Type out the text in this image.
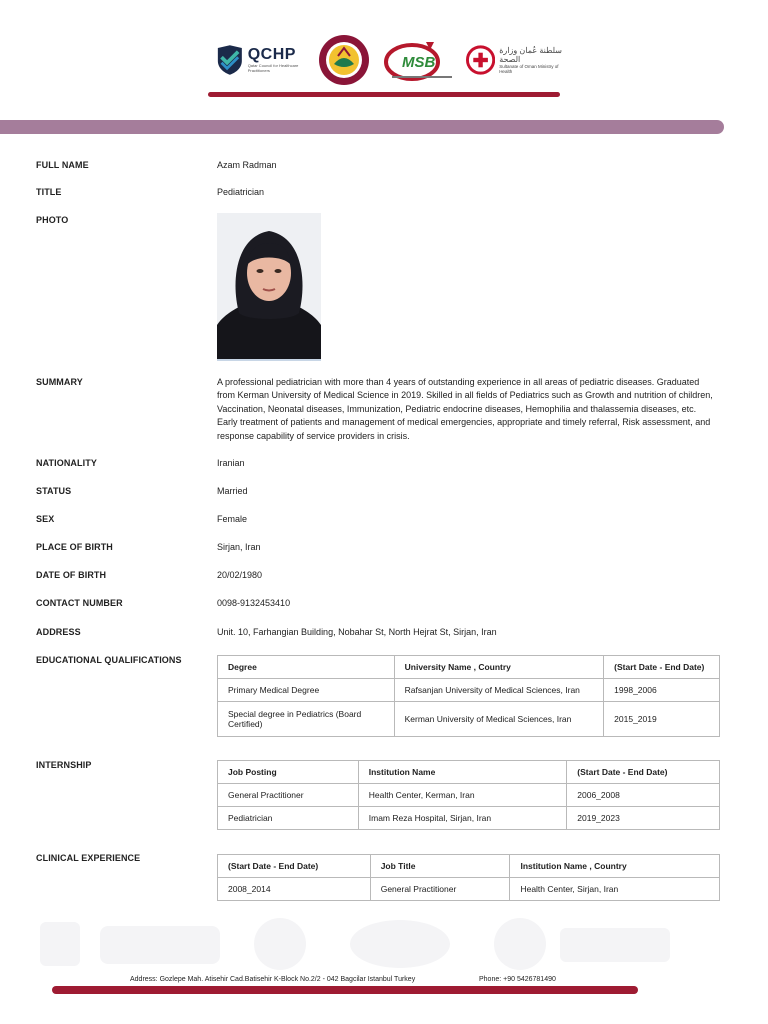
QCHP
Qatar Council for Healthcare Practitioners	MSB
سلطنة عُمان وزارة الصحة
Sultanate of Oman Ministry of Health
FULL NAME	Azam Radman
TITLE	Pediatrician
PHOTO
SUMMARY	A professional pediatrician with more than 4 years of outstanding experience in all areas of pediatric diseases. Graduated from Kerman University of Medical Science in 2019. Skilled in all fields of Pediatrics such as Growth and nutrition of children, Vaccination, Neonatal diseases, Immunization, Pediatric endocrine diseases, Hemophilia and thalassemia diseases, etc. Early treatment of patients and management of medical emergencies, appropriate and timely referral, Risk assessment, and response capability of service providers in crisis.
NATIONALITY	Iranian
STATUS	Married
SEX	Female
PLACE OF BIRTH	Sirjan, Iran
DATE OF BIRTH	20/02/1980
CONTACT NUMBER	0098-9132453410
ADDRESS	Unit. 10, Farhangian Building, Nobahar St, North Hejrat St, Sirjan, Iran
EDUCATIONAL QUALIFICATIONS
Degree	University Name , Country	(Start Date - End Date)
Primary Medical Degree	Rafsanjan University of Medical Sciences, Iran	1998_2006
Special degree in Pediatrics (Board Certified)	Kerman University of Medical Sciences, Iran	2015_2019
INTERNSHIP
Job Posting	Institution Name	(Start Date - End Date)
General Practitioner	Health Center, Kerman, Iran	2006_2008
Pediatrician	Imam Reza Hospital, Sirjan, Iran	2019_2023
CLINICAL EXPERIENCE
(Start Date - End Date)	Job Title	Institution Name , Country
2008_2014	General Practitioner	Health Center, Sirjan, Iran
Address: Gozlepe Mah. Atisehir Cad.Batisehir K-Block No.2/2 - 042 Bagcilar Istanbul Turkey	Phone: +90 5426781490
